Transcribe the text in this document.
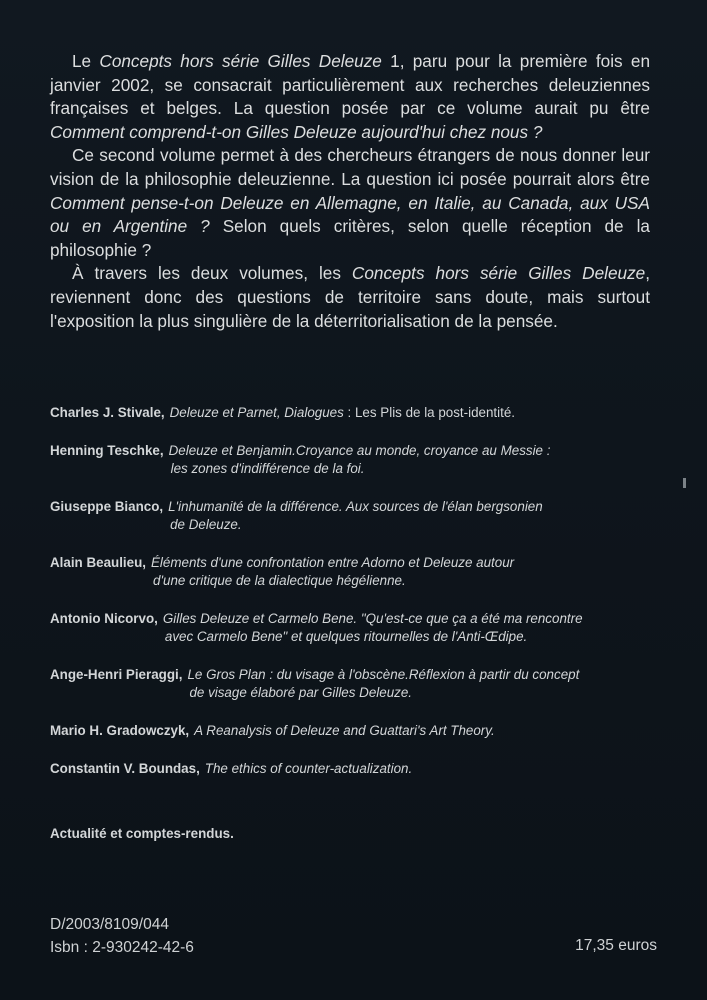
Le Concepts hors série Gilles Deleuze 1, paru pour la première fois en janvier 2002, se consacrait particulièrement aux recherches deleuziennes françaises et belges. La question posée par ce volume aurait pu être Comment comprend-t-on Gilles Deleuze aujourd'hui chez nous ?

Ce second volume permet à des chercheurs étrangers de nous donner leur vision de la philosophie deleuzienne. La question ici posée pourrait alors être Comment pense-t-on Deleuze en Allemagne, en Italie, au Canada, aux USA ou en Argentine ? Selon quels critères, selon quelle réception de la philosophie ?

À travers les deux volumes, les Concepts hors série Gilles Deleuze, reviennent donc des questions de territoire sans doute, mais surtout l'exposition la plus singulière de la déterritorialisation de la pensée.

Charles J. Stivale, Deleuze et Parnet, Dialogues : Les Plis de la post-identité.
Henning Teschke, Deleuze et Benjamin.Croyance au monde, croyance au Messie :
les zones d'indifférence de la foi.
Giuseppe Bianco, L'inhumanité de la différence. Aux sources de l'élan bergsonien
de Deleuze.
Alain Beaulieu, Éléments d'une confrontation entre Adorno et Deleuze autour
d'une critique de la dialectique hégélienne.
Antonio Nicorvo, Gilles Deleuze et Carmelo Bene. "Qu'est-ce que ça a été ma rencontre
avec Carmelo Bene" et quelques ritournelles de l'Anti-Œdipe.
Ange-Henri Pieraggi, Le Gros Plan : du visage à l'obscène.Réflexion à partir du concept
de visage élaboré par Gilles Deleuze.
Mario H. Gradowczyk, A Reanalysis of Deleuze and Guattari's Art Theory.
Constantin V. Boundas, The ethics of counter-actualization.
Actualité et comptes-rendus.
D/2003/8109/044
Isbn : 2-930242-42-6	17,35 euros
